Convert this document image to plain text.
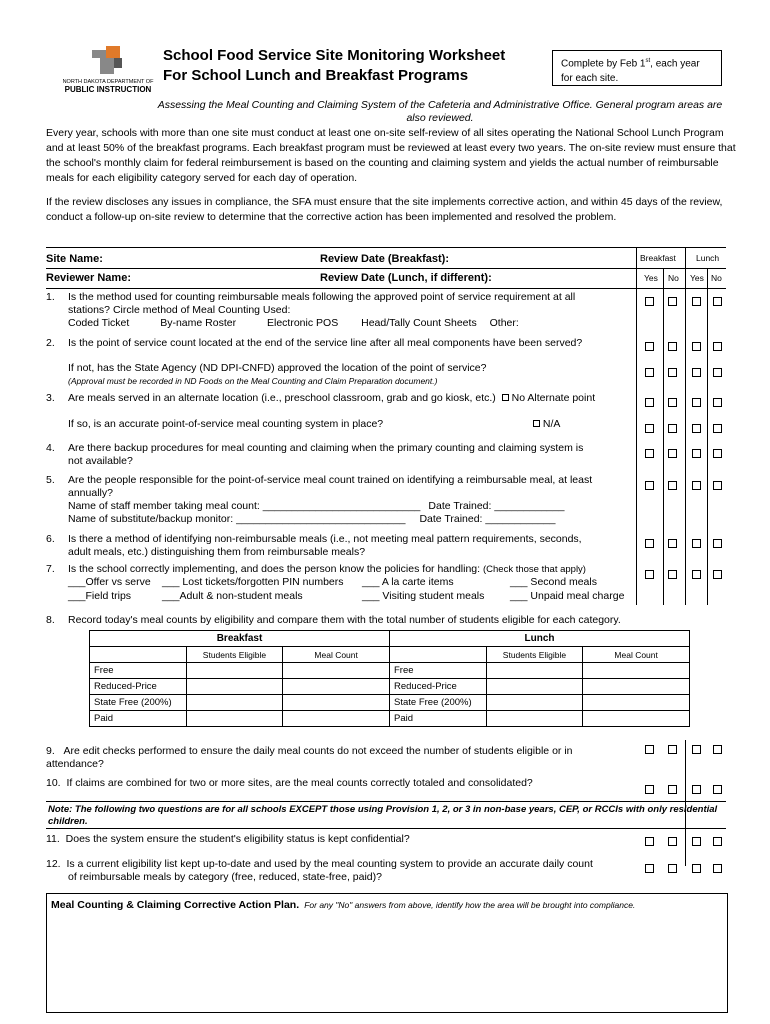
NORTH DAKOTA DEPARTMENT OF
PUBLIC INSTRUCTION
School Food Service Site Monitoring Worksheet
For School Lunch and Breakfast Programs
Complete by Feb 1st, each year
for each site.
Assessing the Meal Counting and Claiming System of the Cafeteria and Administrative Office. General program areas are also reviewed.
Every year, schools with more than one site must conduct at least one on-site self-review of all sites operating the National School Lunch Program and at least 50% of the breakfast programs. Each breakfast program must be reviewed at least every two years. The on-site review must ensure that the school's monthly claim for federal reimbursement is based on the counting and claiming system and yields the actual number of reimbursable meals for each eligibility category served for each day of operation.
If the review discloses any issues in compliance, the SFA must ensure that the site implements corrective action, and within 45 days of the review, conduct a follow-up on-site review to determine that the corrective action has been implemented and resolved the problem.
Site Name:	Review Date (Breakfast):
Reviewer Name:	Review Date (Lunch, if different):
Breakfast Lunch
Yes No Yes No
1. Is the method used for counting reimbursable meals following the approved point of service requirement at all
stations? Circle method of Meal Counting Used:
Coded Ticket	By-name Roster	Electronic POS Head/Tally Count Sheets Other:
2. Is the point of service count located at the end of the service line after all meal components have been served?
If not, has the State Agency (ND DPI-CNFD) approved the location of the point of service?
(Approval must be recorded in ND Foods on the Meal Counting and Claim Preparation document.)
3. Are meals served in an alternate location (i.e., preschool classroom, grab and go kiosk, etc.) No Alternate point
If so, is an accurate point-of-service meal counting system in place?	N/A
4. Are there backup procedures for meal counting and claiming when the primary counting and claiming system is
not available?
5. Are the people responsible for the point-of-service meal count trained on identifying a reimbursable meal, at least
annually?
Name of staff member taking meal count: ___________________________ Date Trained: ____________
Name of substitute/backup monitor: _____________________________ Date Trained: ____________
6. Is there a method of identifying non-reimbursable meals (i.e., not meeting meal pattern requirements, seconds,
adult meals, etc.) distinguishing them from reimbursable meals?
7. Is the school correctly implementing, and does the person know the policies for handling: (Check those that apply)
___Offer vs serve ___ Lost tickets/forgotten PIN numbers ___ A la carte items	___ Second meals
___Field trips	___Adult & non-student meals	___ Visiting student meals ___ Unpaid meal charge
8. Record today's meal counts by eligibility and compare them with the total number of students eligible for each category.
Breakfast			Lunch		
	Students Eligible	Meal Count		Students Eligible	Meal Count
Free			Free		
Reduced-Price			Reduced-Price		
State Free (200%)			State Free (200%)		
Paid			Paid		
9. Are edit checks performed to ensure the daily meal counts do not exceed the number of students eligible or in
attendance?
10. If claims are combined for two or more sites, are the meal counts correctly totaled and consolidated?
Note: The following two questions are for all schools EXCEPT those using Provision 1, 2, or 3 in non-base years, CEP, or RCCIs with only residential children.
11. Does the system ensure the student's eligibility status is kept confidential?
12. Is a current eligibility list kept up-to-date and used by the meal counting system to provide an accurate daily count
of reimbursable meals by category (free, reduced, state-free, paid)?
Meal Counting & Claiming Corrective Action Plan. For any "No" answers from above, identify how the area will be brought into compliance.
